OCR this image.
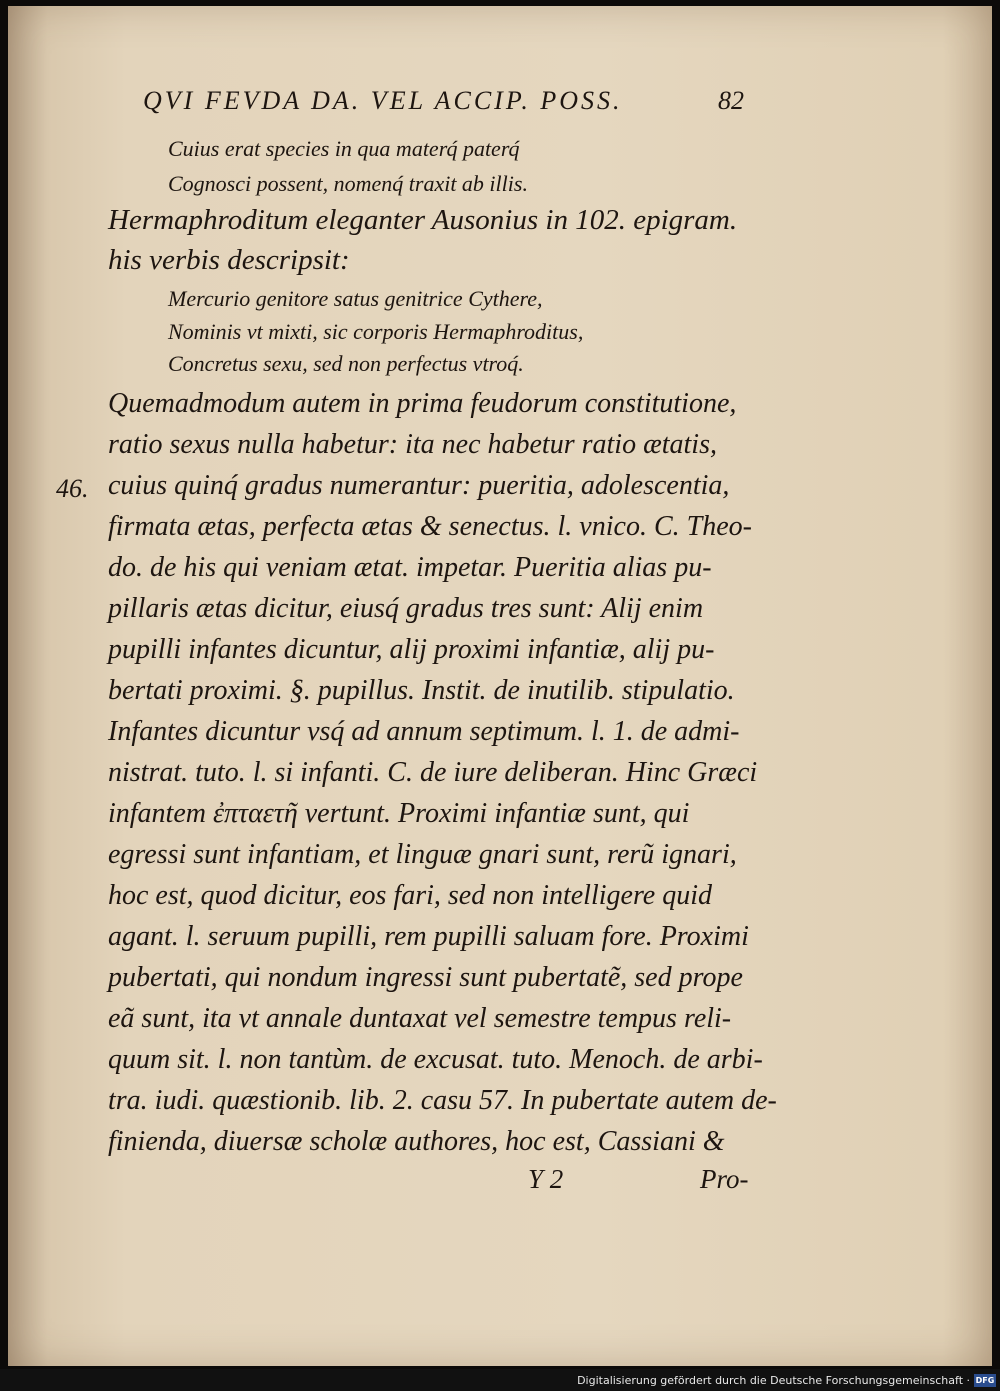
QVI FEVDA DA. VEL ACCIP. POSS.	82
Cuius erat species in qua materq́ paterq́
Cognosci possent, nomenq́ traxit ab illis.
Hermaphroditum eleganter Ausonius in 102. epigram.
his verbis descripsit:
Mercurio genitore satus genitrice Cythere,
Nominis vt mixti, sic corporis Hermaphroditus,
Concretus sexu, sed non perfectus vtroq́.
46.
Quemadmodum autem in prima feudorum constitutione,
ratio sexus nulla habetur: ita nec habetur ratio ætatis,
cuius quinq́ gradus numerantur: pueritia, adolescentia,
firmata ætas, perfecta ætas & senectus. l. vnico. C. Theo-
do. de his qui veniam ætat. impetar. Pueritia alias pu-
pillaris ætas dicitur, eiusq́ gradus tres sunt: Alij enim
pupilli infantes dicuntur, alij proximi infantiæ, alij pu-
bertati proximi. §. pupillus. Instit. de inutilib. stipulatio.
Infantes dicuntur vsq́ ad annum septimum. l. 1. de admi-
nistrat. tuto. l. si infanti. C. de iure deliberan. Hinc Græci
infantem ἐπταετῆ vertunt. Proximi infantiæ sunt, qui
egressi sunt infantiam, et linguæ gnari sunt, rerũ ignari,
hoc est, quod dicitur, eos fari, sed non intelligere quid
agant. l. seruum pupilli, rem pupilli saluam fore. Proximi
pubertati, qui nondum ingressi sunt pubertatẽ, sed prope
eã sunt, ita vt annale duntaxat vel semestre tempus reli-
quum sit. l. non tantùm. de excusat. tuto. Menoch. de arbi-
tra. iudi. quæstionib. lib. 2. casu 57. In pubertate autem de-
finienda, diuersæ scholæ authores, hoc est, Cassiani &
Y 2	Pro-
Digitalisierung gefördert durch die Deutsche Forschungsgemeinschaft · DFG
